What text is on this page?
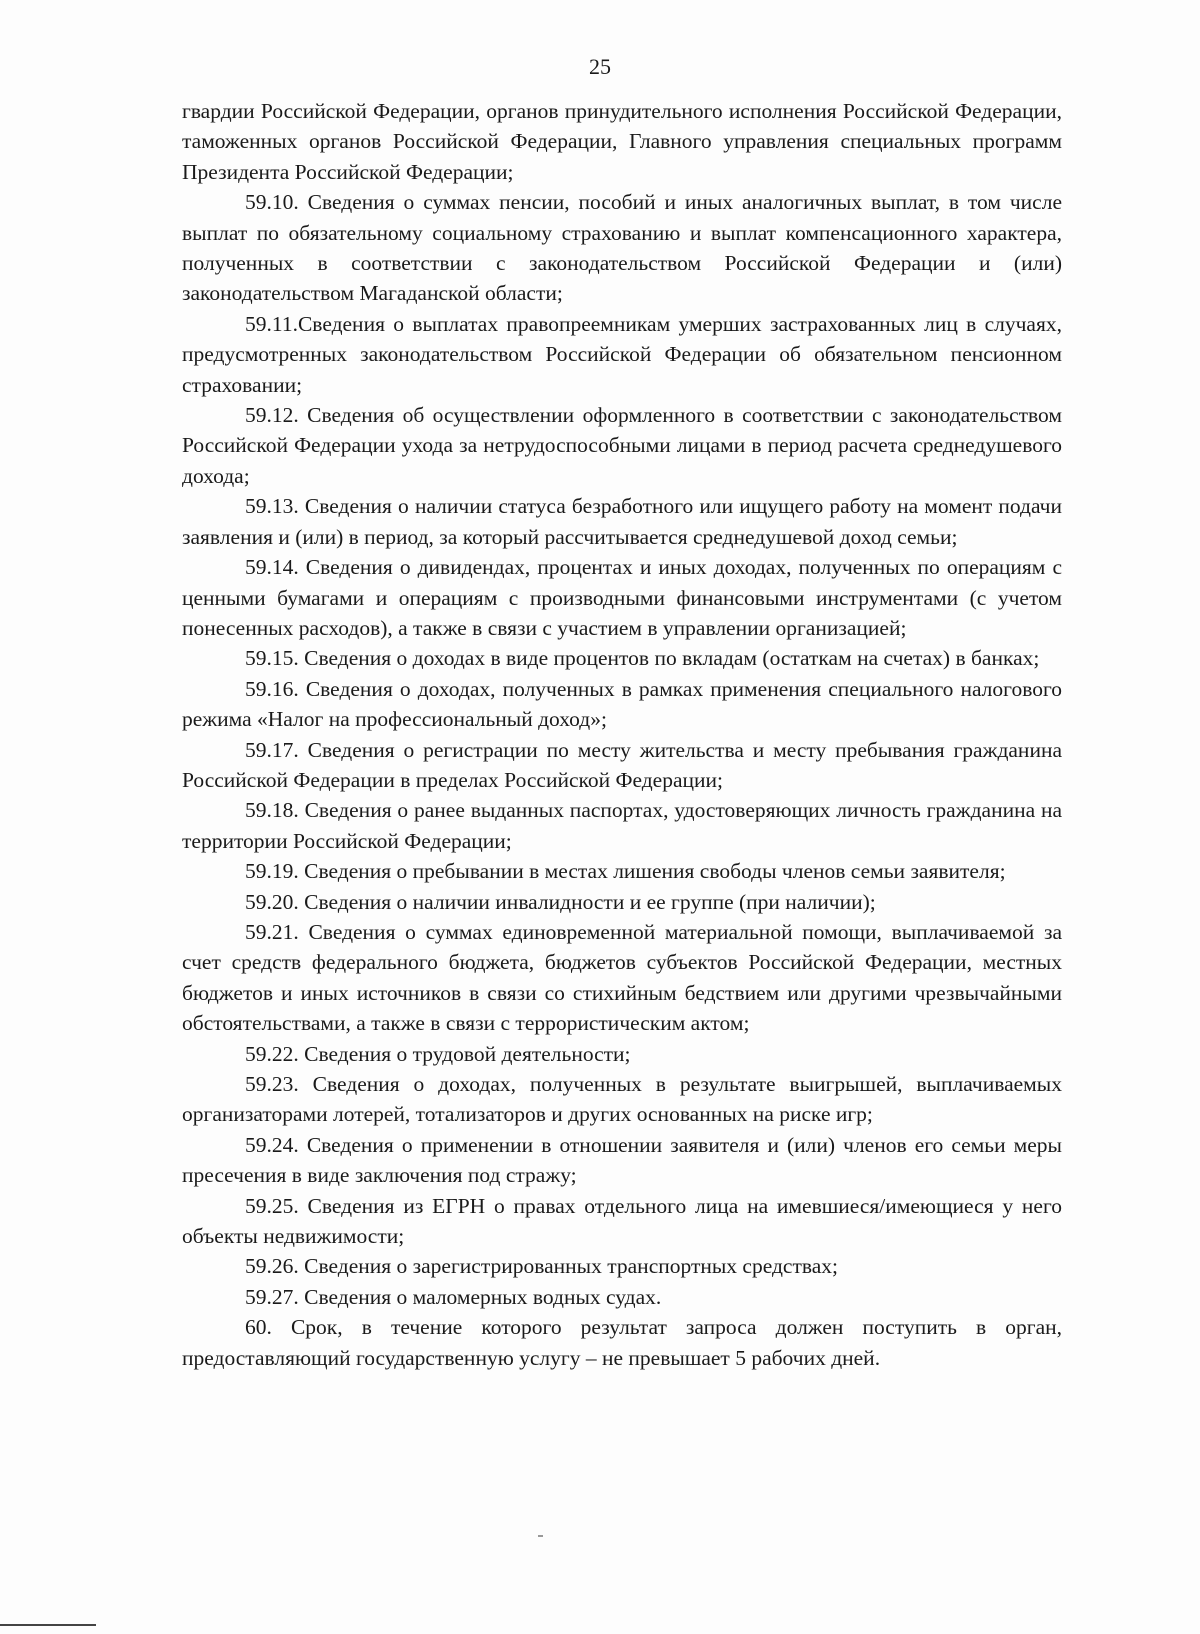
25

гвардии Российской Федерации, органов принудительного исполнения Российской Федерации, таможенных органов Российской Федерации, Главного управления специальных программ Президента Российской Федерации;

59.10. Сведения о суммах пенсии, пособий и иных аналогичных выплат, в том числе выплат по обязательному социальному страхованию и выплат компенсационного характера, полученных в соответствии с законодательством Российской Федерации и (или) законодательством Магаданской области;

59.11.Сведения о выплатах правопреемникам умерших застрахованных лиц в случаях, предусмотренных законодательством Российской Федерации об обязательном пенсионном страховании;

59.12. Сведения об осуществлении оформленного в соответствии с законодательством Российской Федерации ухода за нетрудоспособными лицами в период расчета среднедушевого дохода;

59.13. Сведения о наличии статуса безработного или ищущего работу на момент подачи заявления и (или) в период, за который рассчитывается среднедушевой доход семьи;

59.14. Сведения о дивидендах, процентах и иных доходах, полученных по операциям с ценными бумагами и операциям с производными финансовыми инструментами (с учетом понесенных расходов), а также в связи с участием в управлении организацией;

59.15. Сведения о доходах в виде процентов по вкладам (остаткам на счетах) в банках;

59.16. Сведения о доходах, полученных в рамках применения специального налогового режима «Налог на профессиональный доход»;

59.17. Сведения о регистрации по месту жительства и месту пребывания гражданина Российской Федерации в пределах Российской Федерации;

59.18. Сведения о ранее выданных паспортах, удостоверяющих личность гражданина на территории Российской Федерации;

59.19. Сведения о пребывании в местах лишения свободы членов семьи заявителя;

59.20. Сведения о наличии инвалидности и ее группе (при наличии);

59.21. Сведения о суммах единовременной материальной помощи, выплачиваемой за счет средств федерального бюджета, бюджетов субъектов Российской Федерации, местных бюджетов и иных источников в связи со стихийным бедствием или другими чрезвычайными обстоятельствами, а также в связи с террористическим актом;

59.22. Сведения о трудовой деятельности;

59.23. Сведения о доходах, полученных в результате выигрышей, выплачиваемых организаторами лотерей, тотализаторов и других основанных на риске игр;

59.24. Сведения о применении в отношении заявителя и (или) членов его семьи меры пресечения в виде заключения под стражу;

59.25. Сведения из ЕГРН о правах отдельного лица на имевшиеся/имеющиеся у него объекты недвижимости;

59.26. Сведения о зарегистрированных транспортных средствах;

59.27. Сведения о маломерных водных судах.

60. Срок, в течение которого результат запроса должен поступить в орган, предоставляющий государственную услугу – не превышает 5 рабочих дней.
